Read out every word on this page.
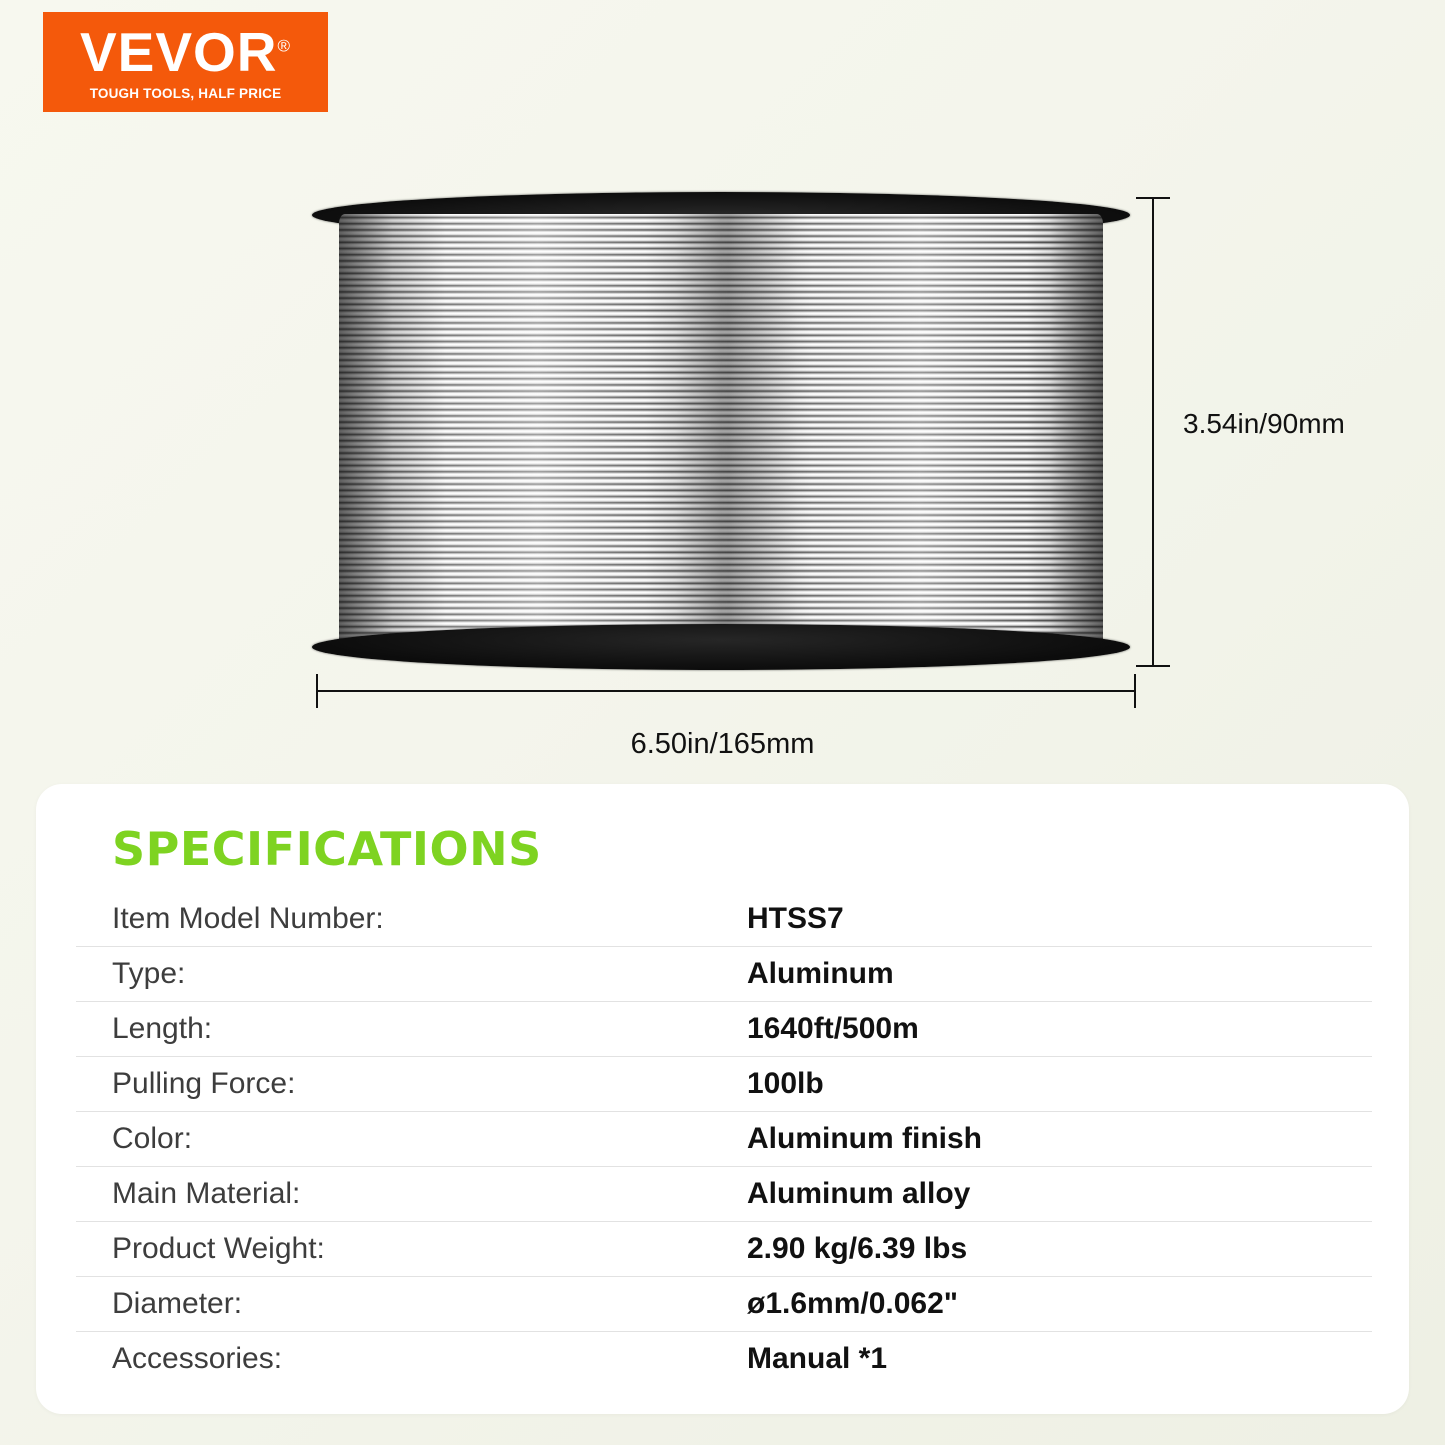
VEVOR®
TOUGH TOOLS, HALF PRICE
3.54in/90mm
6.50in/165mm
SPECIFICATIONS
Item Model Number:	HTSS7
Type:	Aluminum
Length:	1640ft/500m
Pulling Force:	100lb
Color:	Aluminum finish
Main Material:	Aluminum alloy
Product Weight:	2.90 kg/6.39 lbs
Diameter:	ø1.6mm/0.062"
Accessories:	Manual *1
